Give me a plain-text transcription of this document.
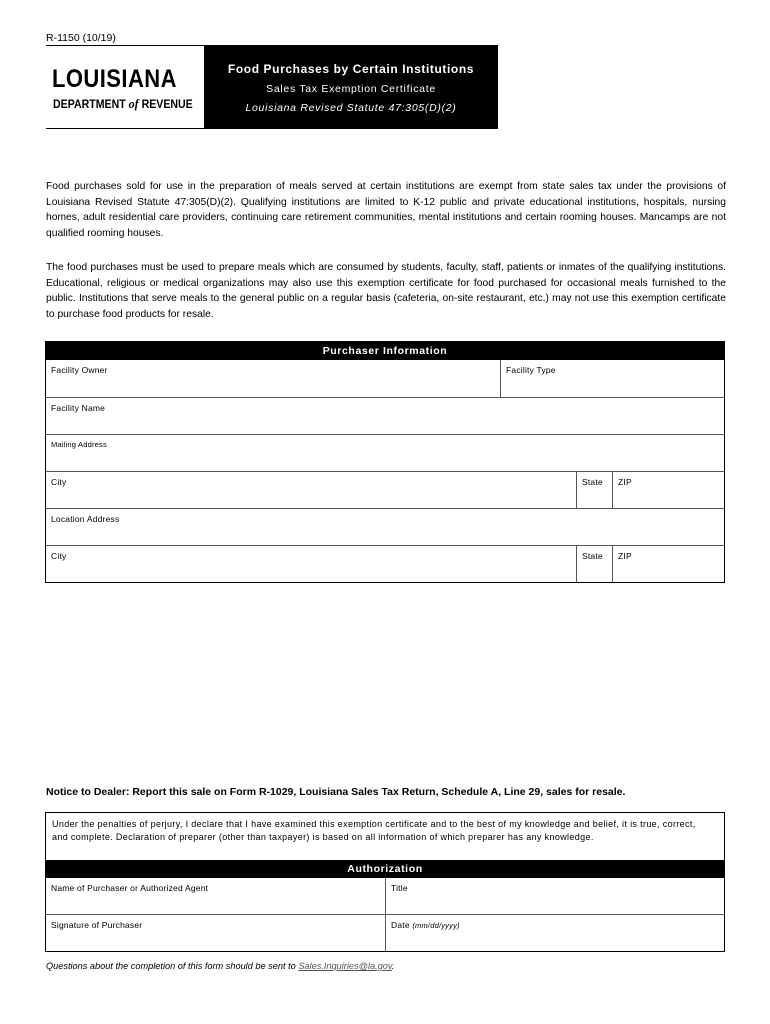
R-1150 (10/19)
LOUISIANA
DEPARTMENT of REVENUE
Food Purchases by Certain Institutions
Sales Tax Exemption Certificate
Louisiana Revised Statute 47:305(D)(2)
Food purchases sold for use in the preparation of meals served at certain institutions are exempt from state sales tax under the provisions of Louisiana Revised Statute 47:305(D)(2). Qualifying institutions are limited to K-12 public and private educational institutions, hospitals, nursing homes, adult residential care providers, continuing care retirement communities, mental institutions and certain rooming houses. Mancamps are not qualified rooming houses.
The food purchases must be used to prepare meals which are consumed by students, faculty, staff, patients or inmates of the qualifying institutions. Educational, religious or medical organizations may also use this exemption certificate for food purchased for occasional meals furnished to the public. Institutions that serve meals to the general public on a regular basis (cafeteria, on-site restaurant, etc.) may not use this exemption certificate to purchase food products for resale.
Purchaser Information
Facility Owner	Facility Type
Facility Name
Mailing Address
City	State ZIP
Location Address
City	State ZIP
Notice to Dealer: Report this sale on Form R-1029, Louisiana Sales Tax Return, Schedule A, Line 29, sales for resale.
Under the penalties of perjury, I declare that I have examined this exemption certificate and to the best of my knowledge and belief, it is true, correct, and complete. Declaration of preparer (other than taxpayer) is based on all information of which preparer has any knowledge.
Authorization
Name of Purchaser or Authorized Agent	Title
Signature of Purchaser	Date (mm/dd/yyyy)
Questions about the completion of this form should be sent to Sales.Inquiries@la.gov.
